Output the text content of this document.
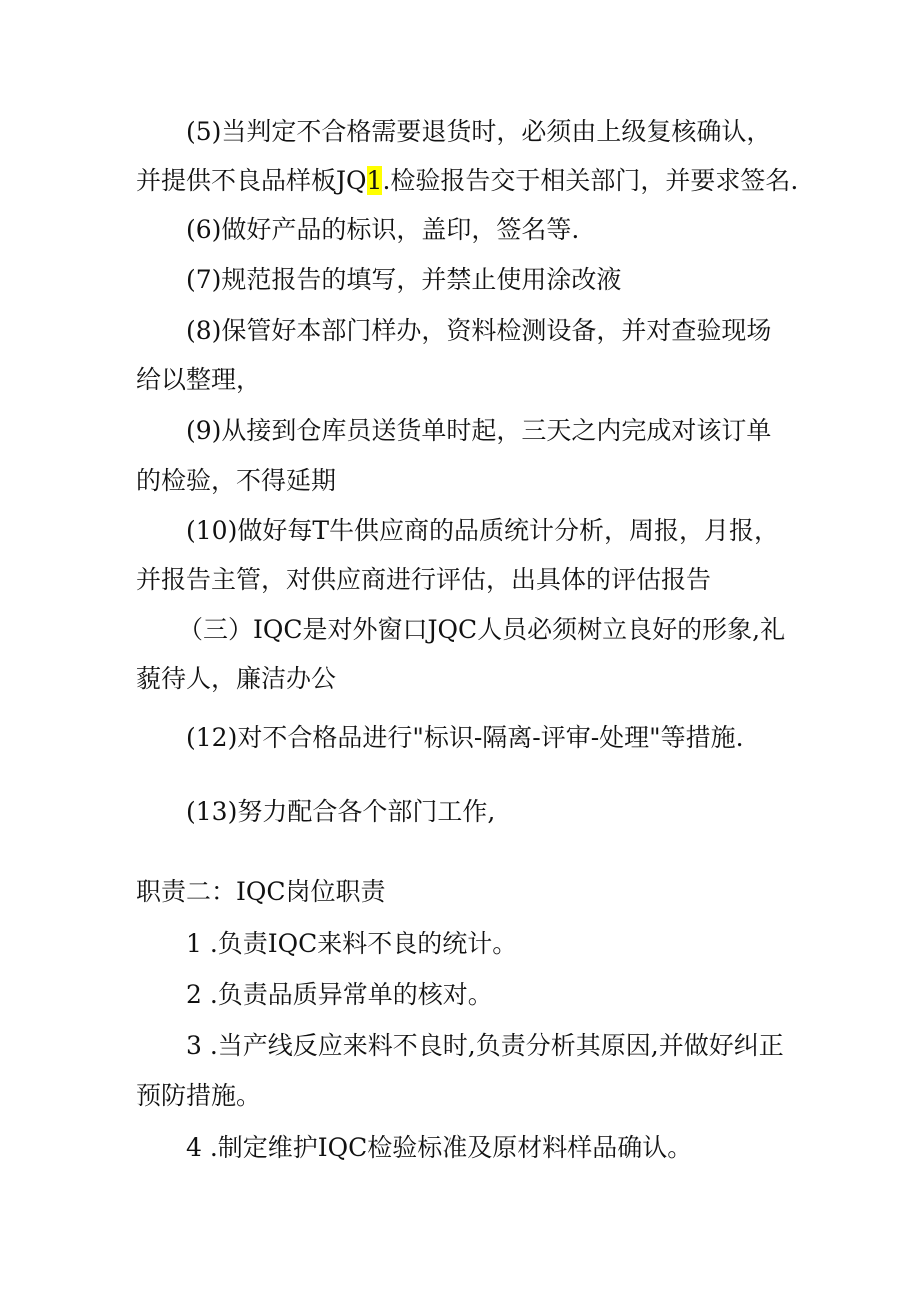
(5)当判定不合格需要退货时，必须由上级复核确认，

并提供不良品样板JQ1.检验报告交于相关部门，并要求签名.

(6)做好产品的标识，盖印，签名等.

(7)规范报告的填写，并禁止使用涂改液

(8)保管好本部门样办，资料检测设备，并对查验现场

给以整理，

(9)从接到仓库员送货单时起，三天之内完成对该订单

的检验，不得延期

(10)做好每T牛供应商的品质统计分析，周报，月报，

并报告主管，对供应商进行评估，出具体的评估报告

（三）IQC是对外窗口JQC人员必须树立良好的形象,礼

藐待人，廉洁办公

(12)对不合格品进行"标识-隔离-评审-处理"等措施.

(13)努力配合各个部门工作,

职责二：IQC岗位职责

1 .负责IQC来料不良的统计。

2 .负责品质异常单的核对。

3 .当产线反应来料不良时,负责分析其原因,并做好纠正

预防措施。

4 .制定维护IQC检验标准及原材料样品确认。
